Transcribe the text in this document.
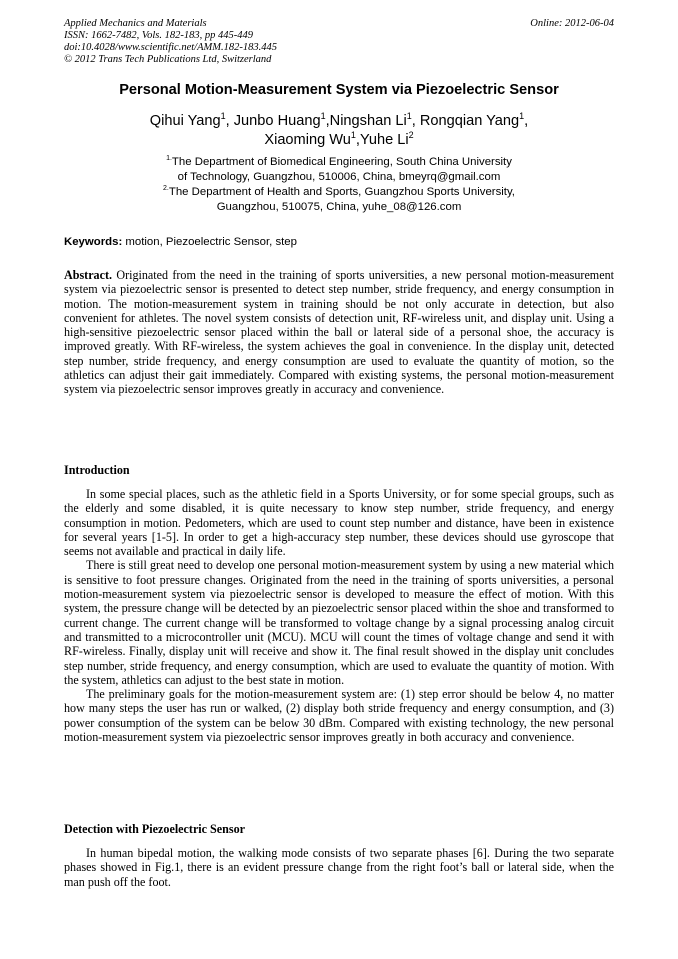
Applied Mechanics and Materials
ISSN: 1662-7482, Vols. 182-183, pp 445-449
doi:10.4028/www.scientific.net/AMM.182-183.445
© 2012 Trans Tech Publications Ltd, Switzerland
Online: 2012-06-04
Personal Motion-Measurement System via Piezoelectric Sensor
Qihui Yang$^1$, Junbo Huang$^1$,Ningshan Li$^1$, Rongqian Yang$^1$,
Xiaoming Wu$^1$,Yuhe Li$^2$
$^{1.}$The Department of Biomedical Engineering, South China University
of Technology, Guangzhou, 510006, China, bmeyrq@gmail.com
$^{2.}$The Department of Health and Sports, Guangzhou Sports University,
Guangzhou, 510075, China, yuhe_08@126.com
Keywords: motion, Piezoelectric Sensor, step

Abstract. Originated from the need in the training of sports universities, a new personal motion-measurement system via piezoelectric sensor is presented to detect step number, stride frequency, and energy consumption in motion. The motion-measurement system in training should be not only accurate in detection, but also convenient for athletes. The novel system consists of detection unit, RF-wireless unit, and display unit. Using a high-sensitive piezoelectric sensor placed within the ball or lateral side of a personal shoe, the accuracy is improved greatly. With RF-wireless, the system achieves the goal in convenience. In the display unit, detected step number, stride frequency, and energy consumption are used to evaluate the quantity of motion, so the athletics can adjust their gait immediately. Compared with existing systems, the personal motion-measurement system via piezoelectric sensor improves greatly in accuracy and convenience.

Introduction

In some special places, such as the athletic field in a Sports University, or for some special groups, such as the elderly and some disabled, it is quite necessary to know step number, stride frequency, and energy consumption in motion. Pedometers, which are used to count step number and distance, have been in existence for several years [1-5]. In order to get a high-accuracy step number, these devices should use gyroscope that seems not available and practical in daily life.

There is still great need to develop one personal motion-measurement system by using a new material which is sensitive to foot pressure changes. Originated from the need in the training of sports universities, a personal motion-measurement system via piezoelectric sensor is developed to measure the effect of motion. With this system, the pressure change will be detected by an piezoelectric sensor placed within the shoe and transformed to current change. The current change will be transformed to voltage change by a signal processing analog circuit and transmitted to a microcontroller unit (MCU). MCU will count the times of voltage change and send it with RF-wireless. Finally, display unit will receive and show it. The final result showed in the display unit concludes step number, stride frequency, and energy consumption, which are used to evaluate the quantity of motion. With the system, athletics can adjust to the best state in motion.

The preliminary goals for the motion-measurement system are: (1) step error should be below 4, no matter how many steps the user has run or walked, (2) display both stride frequency and energy consumption, and (3) power consumption of the system can be below 30 dBm. Compared with existing technology, the new personal motion-measurement system via piezoelectric sensor improves greatly in both accuracy and convenience.

Detection with Piezoelectric Sensor

In human bipedal motion, the walking mode consists of two separate phases [6]. During the two separate phases showed in Fig.1, there is an evident pressure change from the right foot’s ball or lateral side, when the man push off the foot.
